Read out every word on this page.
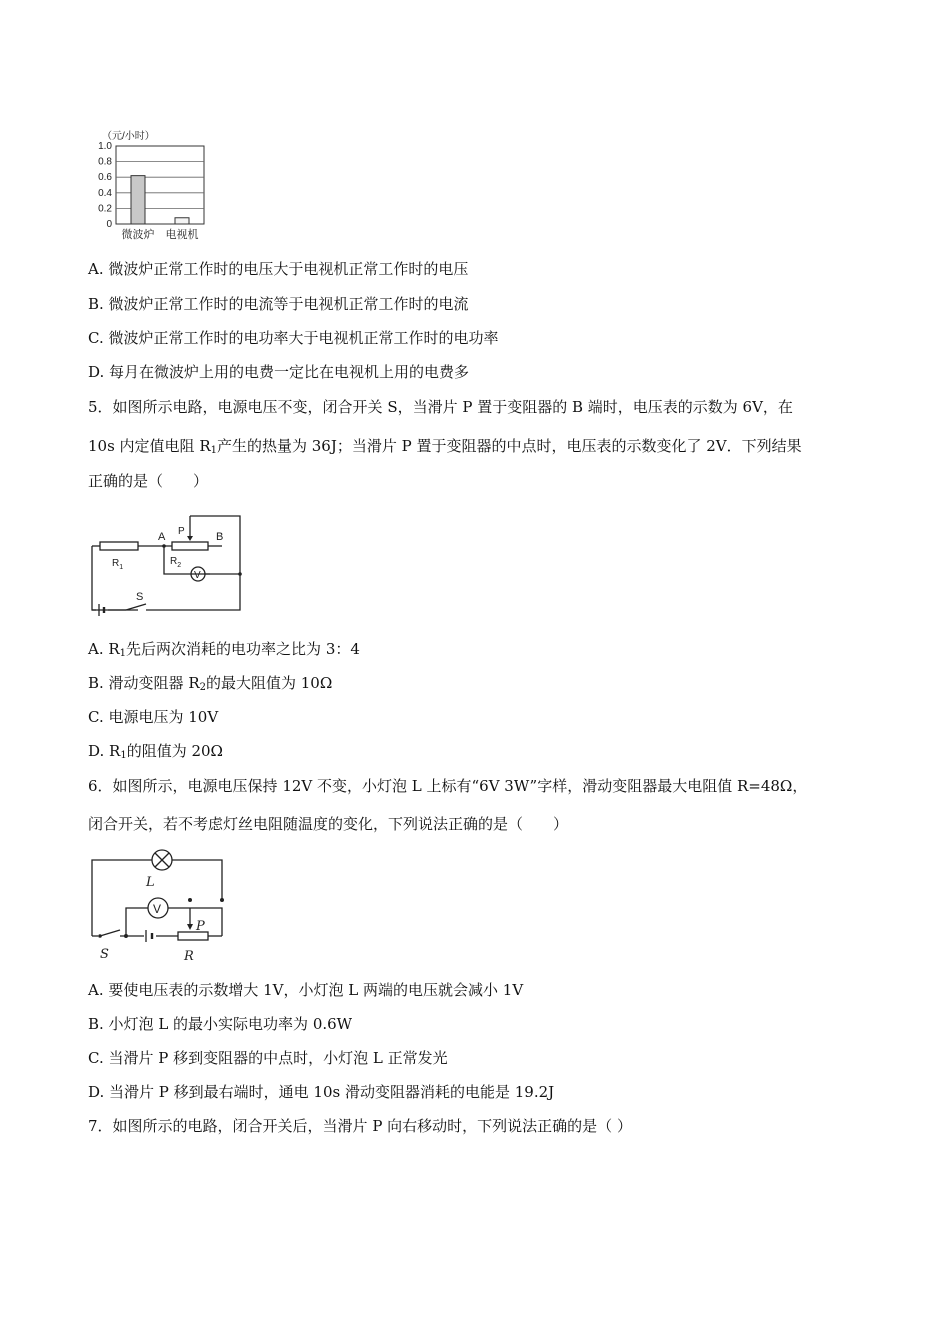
（元/小时）
0
0.2
0.4
0.6
0.8
1.0
微波炉 电视机
A. 微波炉正常工作时的电压大于电视机正常工作时的电压
B. 微波炉正常工作时的电流等于电视机正常工作时的电流
C. 微波炉正常工作时的电功率大于电视机正常工作时的电功率
D. 每月在微波炉上用的电费一定比在电视机上用的电费多
5．如图所示电路，电源电压不变，闭合开关 S，当滑片 P 置于变阻器的 B 端时，电压表的示数为 6V，在
10s 内定值电阻 $R_1$产生的热量为 36J；当滑片 P 置于变阻器的中点时，电压表的示数变化了 2V．下列结果
正确的是（　　）
A P	B
$R_1$
$R_2$
V
S
A. $R_1$先后两次消耗的电功率之比为 3：4
B. 滑动变阻器 $R_2$的最大阻值为 10Ω
C. 电源电压为 10V
D. $R_1$的阻值为 20Ω
6．如图所示，电源电压保持 12V 不变，小灯泡 L 上标有“6V 3W”字样，滑动变阻器最大电阻值 R=48Ω，
闭合开关，若不考虑灯丝电阻随温度的变化，下列说法正确的是（　　）
L
V
P
R
S
A. 要使电压表的示数增大 1V，小灯泡 L 两端的电压就会减小 1V
B. 小灯泡 L 的最小实际电功率为 0.6W
C. 当滑片 P 移到变阻器的中点时，小灯泡 L 正常发光
D. 当滑片 P 移到最右端时，通电 10s 滑动变阻器消耗的电能是 19.2J
7．如图所示的电路，闭合开关后，当滑片 P 向右移动时，下列说法正确的是（ ）
